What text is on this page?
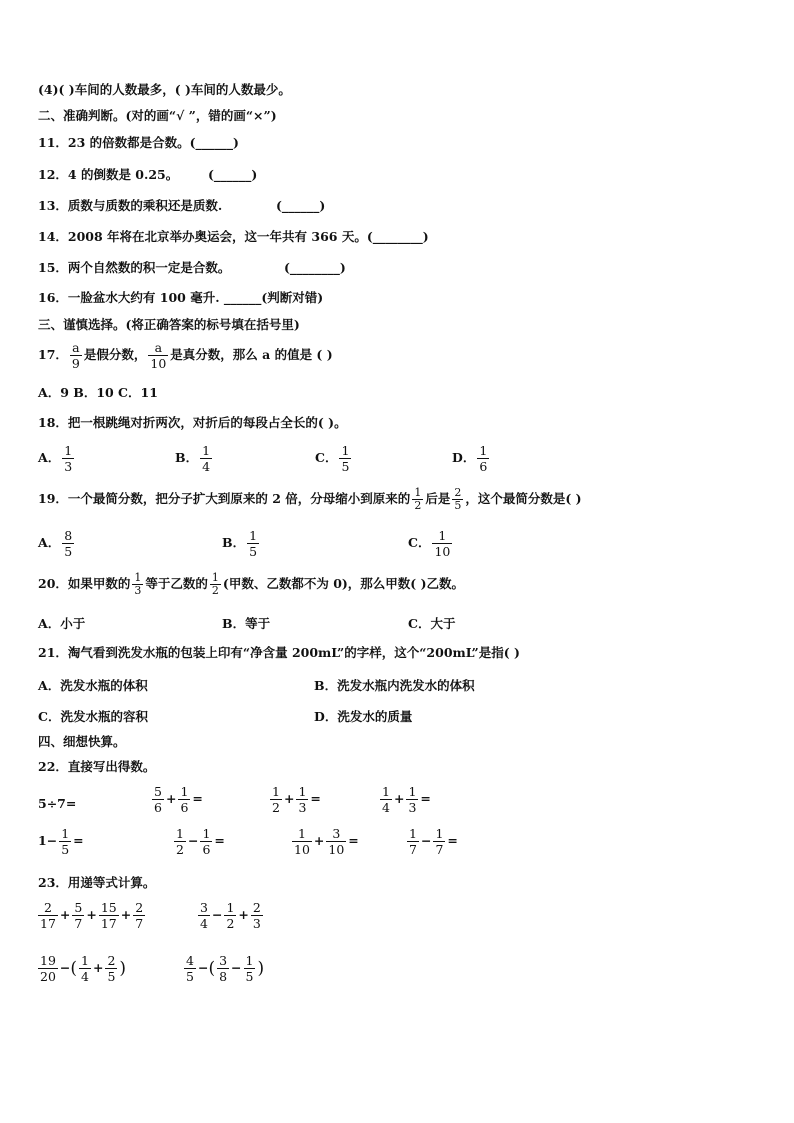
(4)( )车间的人数最多，( )车间的人数最少。
二、准确判断。(对的画“√ ”，错的画“×”)
11．23 的倍数都是合数。(______)
12．4 的倒数是 0.25。 (______)
13．质数与质数的乘积还是质数.	(______)
14．2008 年将在北京举办奥运会，这一年共有 366 天。(________)
15．两个自然数的积一定是合数。	(________)
16．一脸盆水大约有 100 毫升. ______(判断对错)
三、谨慎选择。(将正确答案的标号填在括号里)
17． $\frac{a}{9}$ 是假分数， $\frac{a}{10}$ 是真分数，那么 a 的值是 ( )
A．9 B．10 C．11
18．把一根跳绳对折两次，对折后的每段占全长的( )。
A． $\frac{1}{3}$	B． $\frac{1}{4}$	C． $\frac{1}{5}$	D． $\frac{1}{6}$
19．一个最简分数，把分子扩大到原来的 2 倍，分母缩小到原来的 $\frac{1}{2}$ 后是 $\frac{2}{5}$ ，这个最简分数是( )
A． $\frac{8}{5}$	B． $\frac{1}{5}$	C． $\frac{1}{10}$
20．如果甲数的 $\frac{1}{3}$ 等于乙数的 $\frac{1}{2}$ (甲数、乙数都不为 0)，那么甲数( )乙数。
A．小于	B．等于	C．大于
21．淘气看到洗发水瓶的包装上印有“净含量 200mL”的字样，这个“200mL”是指( )
A．洗发水瓶的体积	B．洗发水瓶内洗发水的体积
C．洗发水瓶的容积	D．洗发水的质量
四、细想快算。
22．直接写出得数。
5÷7=	$\frac{5}{6} + \frac{1}{6}$ =	$\frac{1}{2} + \frac{1}{3}$ =	$\frac{1}{4} + \frac{1}{3}$ =
$1- \frac{1}{5}$ =	$\frac{1}{2} - \frac{1}{6}$ =	$\frac{1}{10} + \frac{3}{10}$ =	$\frac{1}{7} - \frac{1}{7}$ =
23．用递等式计算。
$\frac{2}{17} + \frac{5}{7} + \frac{15}{17} + \frac{2}{7}$	$\frac{3}{4} - \frac{1}{2} + \frac{2}{3}$
$\frac{19}{20}$ −( $\frac{1}{4} + \frac{2}{5}$ )	$\frac{4}{5}$ −( $\frac{3}{8} - \frac{1}{5}$ )
